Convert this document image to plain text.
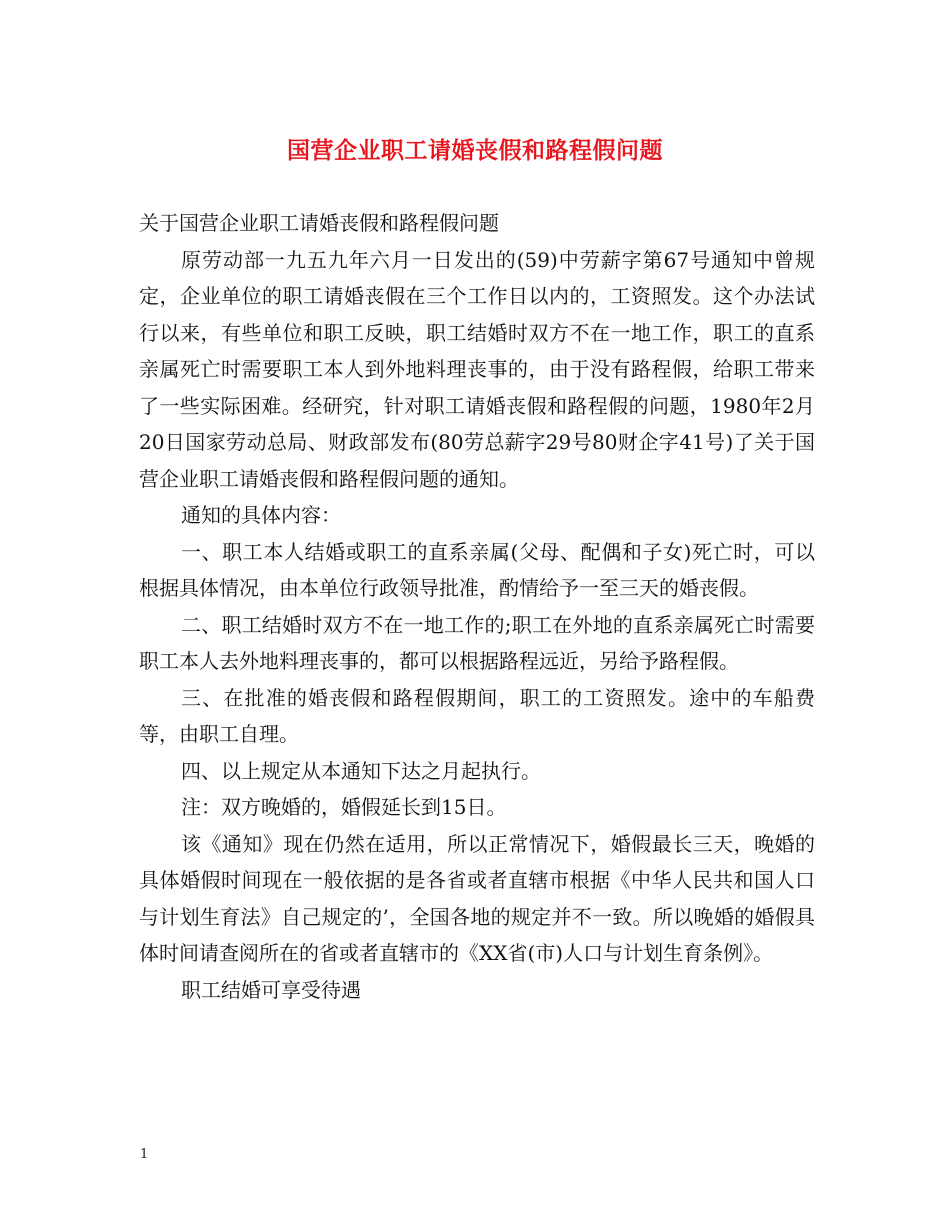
国营企业职工请婚丧假和路程假问题

关于国营企业职工请婚丧假和路程假问题

原劳动部一九五九年六月一日发出的(59)中劳薪字第67号通知中曾规定，企业单位的职工请婚丧假在三个工作日以内的，工资照发。这个办法试行以来，有些单位和职工反映，职工结婚时双方不在一地工作，职工的直系亲属死亡时需要职工本人到外地料理丧事的，由于没有路程假，给职工带来了一些实际困难。经研究，针对职工请婚丧假和路程假的问题，1980年2月20日国家劳动总局、财政部发布(80劳总薪字29号80财企字41号)了关于国营企业职工请婚丧假和路程假问题的通知。

通知的具体内容：

一、职工本人结婚或职工的直系亲属(父母、配偶和子女)死亡时，可以根据具体情况，由本单位行政领导批准，酌情给予一至三天的婚丧假。

二、职工结婚时双方不在一地工作的;职工在外地的直系亲属死亡时需要职工本人去外地料理丧事的，都可以根据路程远近，另给予路程假。

三、在批准的婚丧假和路程假期间，职工的工资照发。途中的车船费等，由职工自理。

四、以上规定从本通知下达之月起执行。

注：双方晚婚的，婚假延长到15日。

该《通知》现在仍然在适用，所以正常情况下，婚假最长三天，晚婚的具体婚假时间现在一般依据的是各省或者直辖市根据《中华人民共和国人口与计划生育法》自己规定的’，全国各地的规定并不一致。所以晚婚的婚假具体时间请查阅所在的省或者直辖市的《XX省(市)人口与计划生育条例》。

职工结婚可享受待遇

1
